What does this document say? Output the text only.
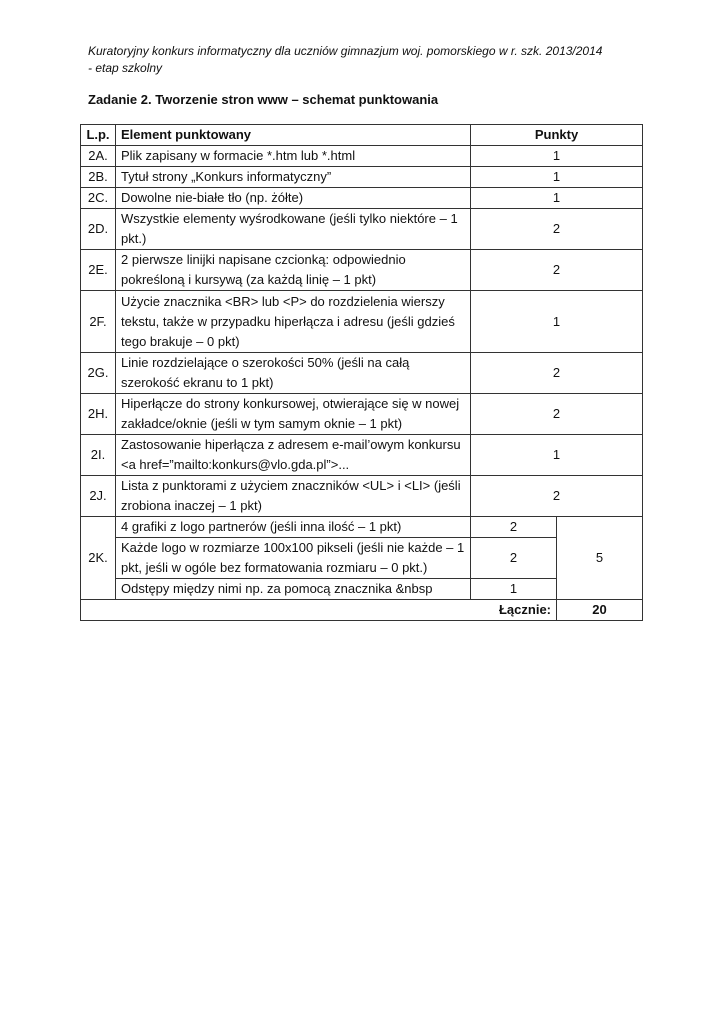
Kuratoryjny konkurs informatyczny dla uczniów gimnazjum woj. pomorskiego w r. szk. 2013/2014
- etap szkolny
Zadanie 2. Tworzenie stron www – schemat punktowania
L.p.	Element punktowany	Punkty	
2A.	Plik zapisany w formacie *.htm lub *.html	1	
2B.	Tytuł strony „Konkurs informatyczny”	1	
2C.	Dowolne nie-białe tło (np. żółte)	1	
2D.	Wszystkie elementy wyśrodkowane (jeśli tylko niektóre – 1 pkt.)	2	
2E.	2 pierwsze linijki napisane czcionką: odpowiednio pokreśloną i kursywą (za każdą linię – 1 pkt)	2	
2F.	Użycie znacznika <BR> lub <P> do rozdzielenia wierszy tekstu, także w przypadku hiperłącza i adresu (jeśli gdzieś tego brakuje – 0 pkt)	1	
2G.	Linie rozdzielające o szerokości 50% (jeśli na całą szerokość ekranu to 1 pkt)	2	
2H.	Hiperłącze do strony konkursowej, otwierające się w nowej zakładce/oknie (jeśli w tym samym oknie – 1 pkt)	2	
2I.	Zastosowanie hiperłącza z adresem e-mail’owym konkursu <a href=”mailto:konkurs@vlo.gda.pl”>...	1	
2J.	Lista z punktorami z użyciem znaczników <UL> i <LI> (jeśli zrobiona inaczej – 1 pkt)	2	
2K.	4 grafiki z logo partnerów (jeśli inna ilość – 1 pkt)	2	5
	Każde logo w rozmiarze 100x100 pikseli (jeśli nie każde – 1 pkt, jeśli w ogóle bez formatowania rozmiaru – 0 pkt.)	2	
	Odstępy między nimi np. za pomocą znacznika &nbsp	1	
Łącznie:			20
